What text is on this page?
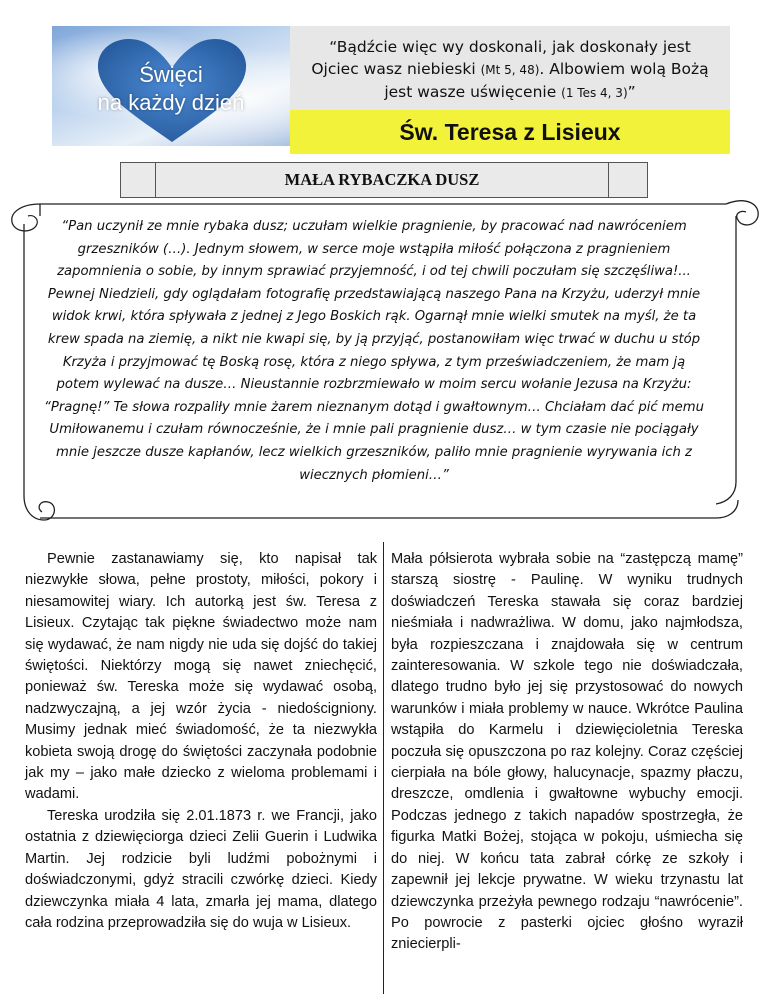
Święci
na każdy dzień
“Bądźcie więc wy doskonali, jak doskonały jest Ojciec wasz niebieski (Mt 5, 48). Albowiem wolą Bożą jest wasze uświęcenie (1 Tes 4, 3)”
Św. Teresa z Lisieux
MAŁA RYBACZKA DUSZ
“Pan uczynił ze mnie rybaka dusz; uczułam wielkie pragnienie, by pracować nad nawróceniem grzeszników (…). Jednym słowem, w serce moje wstąpiła miłość połączona z pragnieniem zapomnienia o sobie, by innym sprawiać przyjemność, i od tej chwili poczułam się szczęśliwa!... Pewnej Niedzieli, gdy oglądałam fotografię przedstawiającą naszego Pana na Krzyżu, uderzył mnie widok krwi, która spływała z jednej z Jego Boskich rąk. Ogarnął mnie wielki smutek na myśl, że ta krew spada na ziemię, a nikt nie kwapi się, by ją przyjąć, postanowiłam więc trwać w duchu u stóp Krzyża i przyjmować tę Boską rosę, która z niego spływa, z tym przeświadczeniem, że mam ją potem wylewać na dusze… Nieustannie rozbrzmiewało w moim sercu wołanie Jezusa na Krzyżu: “Pragnę!” Te słowa rozpaliły mnie żarem nieznanym dotąd i gwałtownym… Chciałam dać pić memu Umiłowanemu i czułam równocześnie, że i mnie pali pragnienie dusz… w tym czasie nie pociągały mnie jeszcze dusze kapłanów, lecz wielkich grzeszników, paliło mnie pragnienie wyrywania ich z wiecznych płomieni…”

Pewnie zastanawiamy się, kto napisał tak niezwykłe słowa, pełne prostoty, miłości, pokory i niesamowitej wiary. Ich autorką jest św. Teresa z Lisieux. Czytając tak piękne świadectwo może nam się wydawać, że nam nigdy nie uda się dojść do takiej świętości. Niektórzy mogą się nawet zniechęcić, ponieważ św. Tereska może się wydawać osobą, nadzwyczajną, a jej wzór życia - niedościgniony. Musimy jednak mieć świadomość, że ta niezwykła kobieta swoją drogę do świętości zaczynała podobnie jak my – jako małe dziecko z wieloma problemami i wadami.

Tereska urodziła się 2.01.1873 r. we Francji, jako ostatnia z dziewięciorga dzieci Zelii Guerin i Ludwika Martin. Jej rodzicie byli ludźmi pobożnymi i doświadczonymi, gdyż stracili czwórkę dzieci. Kiedy dziewczynka miała 4 lata, zmarła jej mama, dlatego cała rodzina przeprowadziła się do wuja w Lisieux.

Mała półsierota wybrała sobie na “zastępczą mamę” starszą siostrę - Paulinę. W wyniku trudnych doświadczeń Tereska stawała się coraz bardziej nieśmiała i nadwrażliwa. W domu, jako najmłodsza, była rozpieszczana i znajdowała się w centrum zainteresowania. W szkole tego nie doświadczała, dlatego trudno było jej się przystosować do nowych warunków i miała problemy w nauce. Wkrótce Paulina wstąpiła do Karmelu i dziewięcioletnia Tereska poczuła się opuszczona po raz kolejny. Coraz częściej cierpiała na bóle głowy, halucynacje, spazmy płaczu, dreszcze, omdlenia i gwałtowne wybuchy emocji. Podczas jednego z takich napadów spostrzegła, że figurka Matki Bożej, stojąca w pokoju, uśmiecha się do niej. W końcu tata zabrał córkę ze szkoły i zapewnił jej lekcje prywatne. W wieku trzynastu lat dziewczynka przeżyła pewnego rodzaju “nawrócenie”. Po powrocie z pasterki ojciec głośno wyraził zniecierpli-
